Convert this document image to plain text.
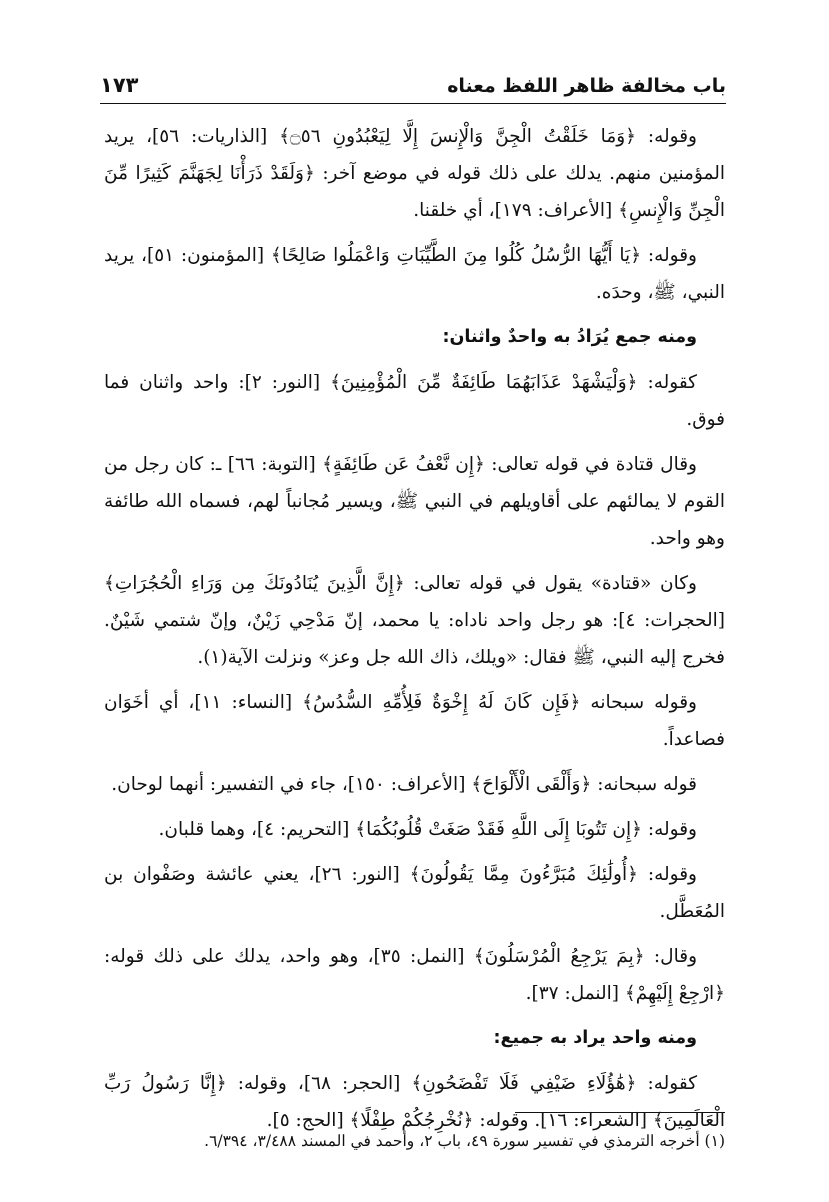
باب مخالفة ظاهر اللفظ معناه
١٧٣

وقوله: ﴿وَمَا خَلَقْتُ الْجِنَّ وَالْإِنسَ إِلَّا لِيَعْبُدُونِ ۝٥٦﴾ [الذاريات: ٥٦]، يريد المؤمنين منهم. يدلك على ذلك قوله في موضع آخر: ﴿وَلَقَدْ ذَرَأْنَا لِجَهَنَّمَ كَثِيرًا مِّنَ الْجِنِّ وَالْإِنسِ﴾ [الأعراف: ١٧٩]، أي خلقنا.

وقوله: ﴿يَا أَيُّهَا الرُّسُلُ كُلُوا مِنَ الطَّيِّبَاتِ وَاعْمَلُوا صَالِحًا﴾ [المؤمنون: ٥١]، يريد النبي، ﷺ، وحدَه.

ومنه جمع يُرَادُ به واحدٌ واثنان:

كقوله: ﴿وَلْيَشْهَدْ عَذَابَهُمَا طَائِفَةٌ مِّنَ الْمُؤْمِنِينَ﴾ [النور: ٢]: واحد واثنان فما فوق.

وقال قتادة في قوله تعالى: ﴿إِن نَّعْفُ عَن طَائِفَةٍ﴾ [التوبة: ٦٦] ـ: كان رجل من القوم لا يمالئهم على أقاويلهم في النبي ﷺ، ويسير مُجانباً لهم، فسماه الله طائفة وهو واحد.

وكان «قتادة» يقول في قوله تعالى: ﴿إِنَّ الَّذِينَ يُنَادُونَكَ مِن وَرَاءِ الْحُجُرَاتِ﴾ [الحجرات: ٤]: هو رجل واحد ناداه: يا محمد، إنّ مَدْحِي زَيْنٌ، وإنّ شتمي شَيْنٌ. فخرج إليه النبي، ﷺ فقال: «ويلك، ذاك الله جل وعز» ونزلت الآية(١).

وقوله سبحانه ﴿فَإِن كَانَ لَهُ إِخْوَةٌ فَلِأُمِّهِ السُّدُسُ﴾ [النساء: ١١]، أي أخَوَان فصاعداً.

قوله سبحانه: ﴿وَأَلْقَى الْأَلْوَاحَ﴾ [الأعراف: ١٥٠]، جاء في التفسير: أنهما لوحان.

وقوله: ﴿إِن تَتُوبَا إِلَى اللَّهِ فَقَدْ صَغَتْ قُلُوبُكُمَا﴾ [التحريم: ٤]، وهما قلبان.

وقوله: ﴿أُولَٰئِكَ مُبَرَّءُونَ مِمَّا يَقُولُونَ﴾ [النور: ٢٦]، يعني عائشة وصَفْوان بن المُعَطَّل.

وقال: ﴿بِمَ يَرْجِعُ الْمُرْسَلُونَ﴾ [النمل: ٣٥]، وهو واحد، يدلك على ذلك قوله: ﴿ارْجِعْ إِلَيْهِمْ﴾ [النمل: ٣٧].

ومنه واحد يراد به جميع:

كقوله: ﴿هَٰؤُلَاءِ ضَيْفِي فَلَا تَفْضَحُونِ﴾ [الحجر: ٦٨]، وقوله: ﴿إِنَّا رَسُولُ رَبِّ الْعَالَمِينَ﴾ [الشعراء: ١٦]. وقوله: ﴿نُخْرِجُكُمْ طِفْلًا﴾ [الحج: ٥].

(١) أخرجه الترمذي في تفسير سورة ٤٩، باب ٢، وأحمد في المسند ٣/٤٨٨، ٦/٣٩٤.
